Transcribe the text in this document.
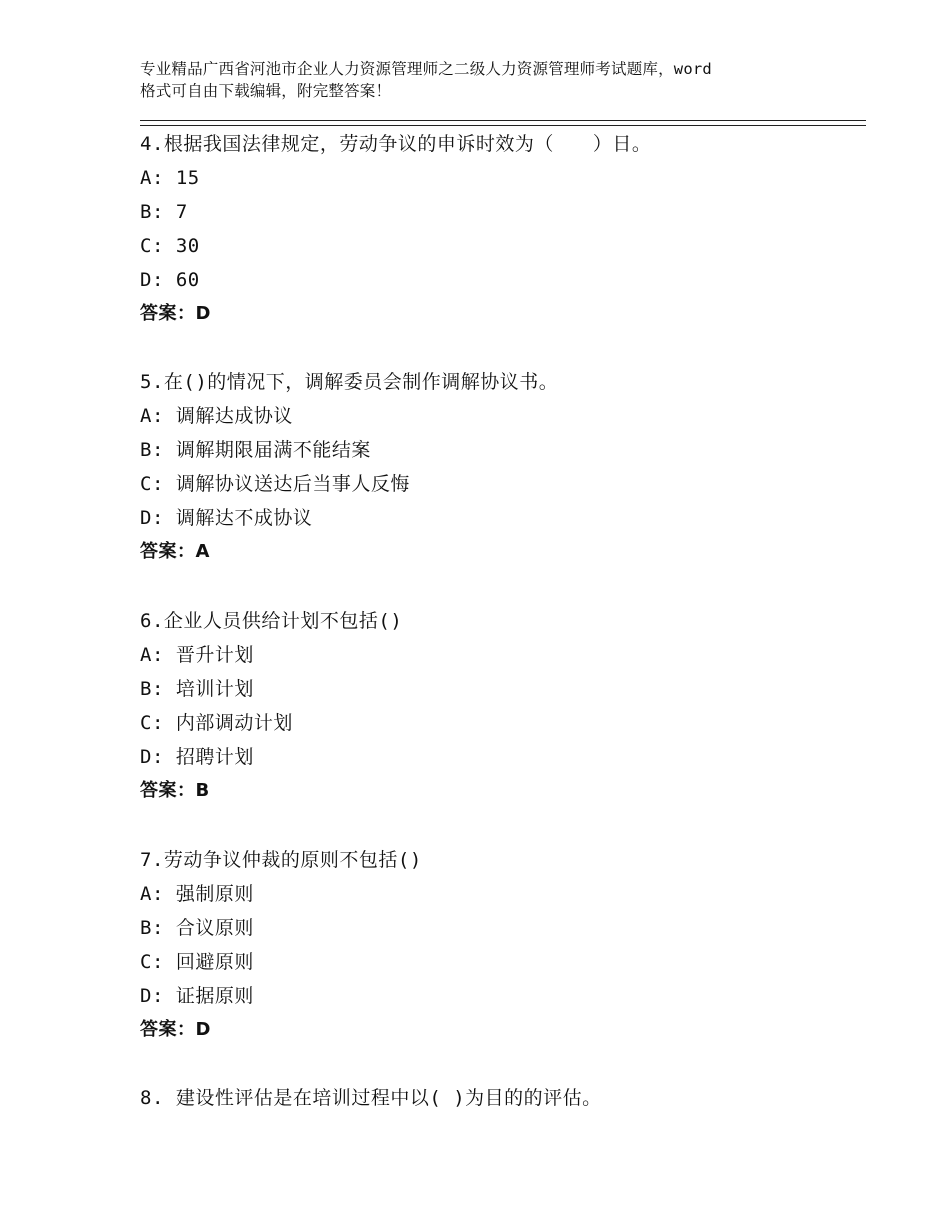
专业精品广西省河池市企业人力资源管理师之二级人力资源管理师考试题库，word
格式可自由下载编辑，附完整答案！
4.根据我国法律规定，劳动争议的申诉时效为（　　）日。
A: 15
B: 7
C: 30
D: 60
答案：D
5.在()的情况下，调解委员会制作调解协议书。
A: 调解达成协议
B: 调解期限届满不能结案
C: 调解协议送达后当事人反悔
D: 调解达不成协议
答案：A
6.企业人员供给计划不包括()
A: 晋升计划
B: 培训计划
C: 内部调动计划
D: 招聘计划
答案：B
7.劳动争议仲裁的原则不包括()
A: 强制原则
B: 合议原则
C: 回避原则
D: 证据原则
答案：D
8. 建设性评估是在培训过程中以( )为目的的评估。
